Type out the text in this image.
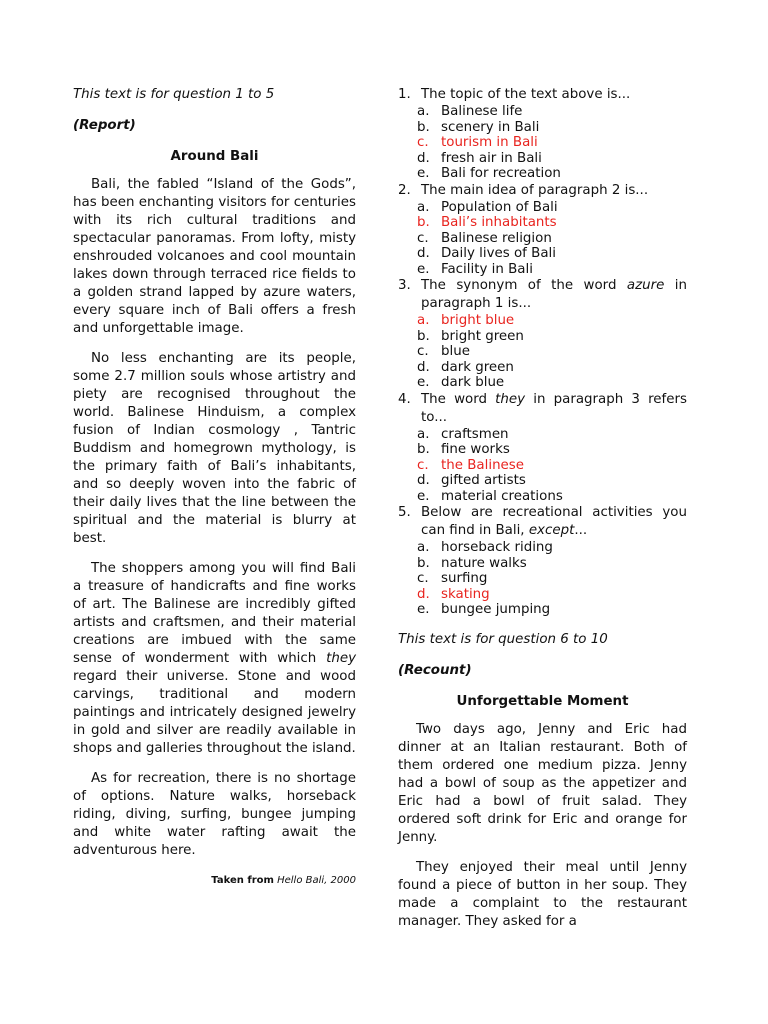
This text is for question 1 to 5

(Report)

Around Bali

Bali, the fabled “Island of the Gods”, has been enchanting visitors for centuries with its rich cultural traditions and spectacular panoramas. From lofty, misty enshrouded volcanoes and cool mountain lakes down through terraced rice fields to a golden strand lapped by azure waters, every square inch of Bali offers a fresh and unforgettable image.

No less enchanting are its people, some 2.7 million souls whose artistry and piety are recognised throughout the world. Balinese Hinduism, a complex fusion of Indian cosmology , Tantric Buddism and homegrown mythology, is the primary faith of Bali’s inhabitants, and so deeply woven into the fabric of their daily lives that the line between the spiritual and the material is blurry at best.

The shoppers among you will find Bali a treasure of handicrafts and fine works of art. The Balinese are incredibly gifted artists and craftsmen, and their material creations are imbued with the same sense of wonderment with which they regard their universe. Stone and wood carvings, traditional and modern paintings and intricately designed jewelry in gold and silver are readily available in shops and galleries throughout the island.

As for recreation, there is no shortage of options. Nature walks, horseback riding, diving, surfing, bungee jumping and white water rafting await the adventurous here.

Taken from Hello Bali, 2000
1. The topic of the text above is...
a. Balinese life
b. scenery in Bali
c. tourism in Bali
d. fresh air in Bali
e. Bali for recreation
2. The main idea of paragraph 2 is...
a. Population of Bali
b. Bali’s inhabitants
c. Balinese religion
d. Daily lives of Bali
e. Facility in Bali
3. The synonym of the word azure in paragraph 1 is...
a. bright blue
b. bright green
c. blue
d. dark green
e. dark blue
4. The word they in paragraph 3 refers to...
a. craftsmen
b. fine works
c. the Balinese
d. gifted artists
e. material creations
5. Below are recreational activities you can find in Bali, except...
a. horseback riding
b. nature walks
c. surfing
d. skating
e. bungee jumping

This text is for question 6 to 10

(Recount)

Unforgettable Moment

Two days ago, Jenny and Eric had dinner at an Italian restaurant. Both of them ordered one medium pizza. Jenny had a bowl of soup as the appetizer and Eric had a bowl of fruit salad. They ordered soft drink for Eric and orange for Jenny.

They enjoyed their meal until Jenny found a piece of button in her soup. They made a complaint to the restaurant manager. They asked for a
